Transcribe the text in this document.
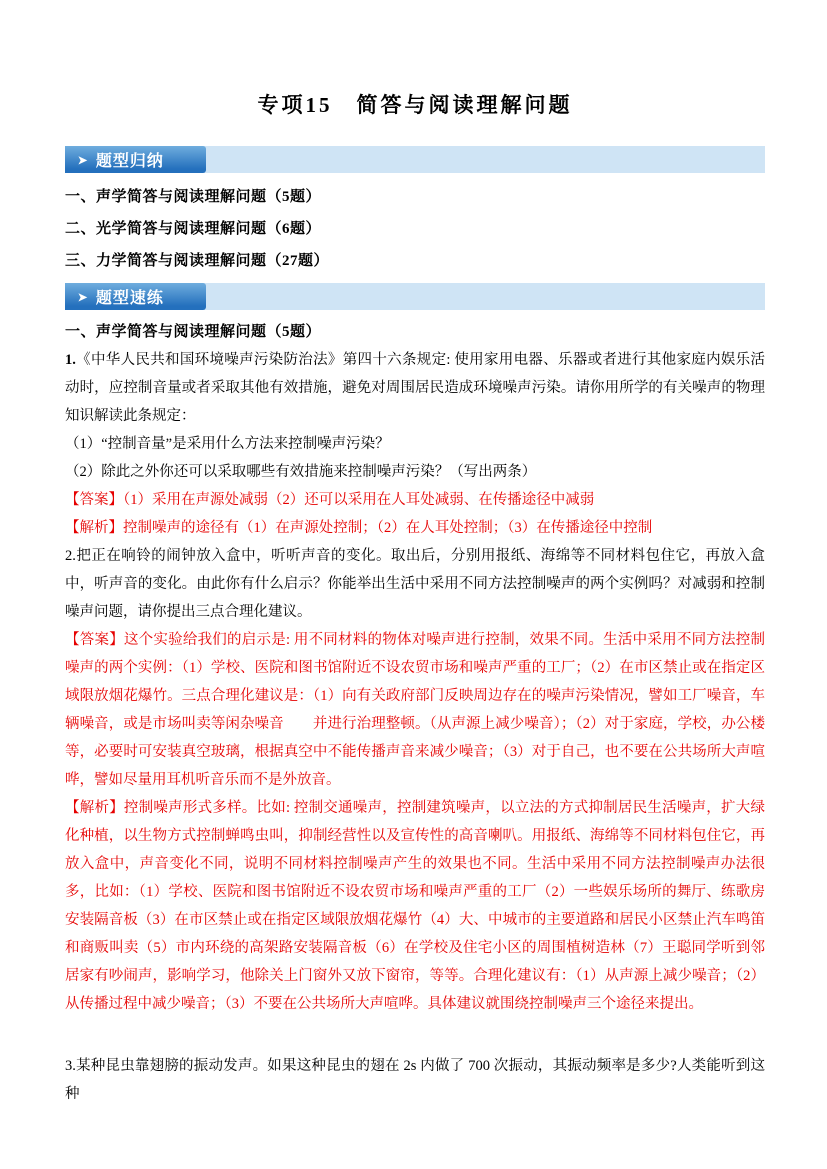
专项15　简答与阅读理解问题
➤ 题型归纳
一、声学简答与阅读理解问题（5题）
二、光学简答与阅读理解问题（6题）
三、力学简答与阅读理解问题（27题）
➤ 题型速练
一、声学简答与阅读理解问题（5题）

1.《中华人民共和国环境噪声污染防治法》第四十六条规定: 使用家用电器、乐器或者进行其他家庭内娱乐活动时，应控制音量或者采取其他有效措施，避免对周围居民造成环境噪声污染。请你用所学的有关噪声的物理知识解读此条规定：

（1）“控制音量”是采用什么方法来控制噪声污染？

（2）除此之外你还可以采取哪些有效措施来控制噪声污染？（写出两条）

【答案】（1）采用在声源处减弱（2）还可以采用在人耳处减弱、在传播途径中减弱

【解析】控制噪声的途径有（1）在声源处控制；（2）在人耳处控制；（3）在传播途径中控制

2.把正在响铃的闹钟放入盒中，听听声音的变化。取出后，分别用报纸、海绵等不同材料包住它，再放入盒中，听声音的变化。由此你有什么启示？你能举出生活中采用不同方法控制噪声的两个实例吗？对减弱和控制噪声问题，请你提出三点合理化建议。

【答案】这个实验给我们的启示是: 用不同材料的物体对噪声进行控制，效果不同。生活中采用不同方法控制噪声的两个实例：（1）学校、医院和图书馆附近不设农贸市场和噪声严重的工厂；（2）在市区禁止或在指定区域限放烟花爆竹。三点合理化建议是：（1）向有关政府部门反映周边存在的噪声污染情况，譬如工厂噪音，车辆噪音，或是市场叫卖等闲杂噪音　　并进行治理整顿。（从声源上减少噪音）；（2）对于家庭，学校，办公楼等，必要时可安装真空玻璃，根据真空中不能传播声音来减少噪音；（3）对于自己，也不要在公共场所大声喧哗，譬如尽量用耳机听音乐而不是外放音。

【解析】控制噪声形式多样。比如: 控制交通噪声，控制建筑噪声，以立法的方式抑制居民生活噪声，扩大绿化种植，以生物方式控制蝉鸣虫叫，抑制经营性以及宣传性的高音喇叭。用报纸、海绵等不同材料包住它，再放入盒中，声音变化不同，说明不同材料控制噪声产生的效果也不同。生活中采用不同方法控制噪声办法很多，比如：（1）学校、医院和图书馆附近不设农贸市场和噪声严重的工厂（2）一些娱乐场所的舞厅、练歌房安装隔音板（3）在市区禁止或在指定区域限放烟花爆竹（4）大、中城市的主要道路和居民小区禁止汽车鸣笛和商贩叫卖（5）市内环绕的高架路安装隔音板（6）在学校及住宅小区的周围植树造林（7）王聪同学听到邻居家有吵闹声，影响学习，他除关上门窗外又放下窗帘，等等。合理化建议有：（1）从声源上减少噪音；（2）从传播过程中减少噪音；（3）不要在公共场所大声喧哗。具体建议就围绕控制噪声三个途径来提出。

3.某种昆虫靠翅膀的振动发声。如果这种昆虫的翅在 2s 内做了 700 次振动，其振动频率是多少?人类能听到这种
